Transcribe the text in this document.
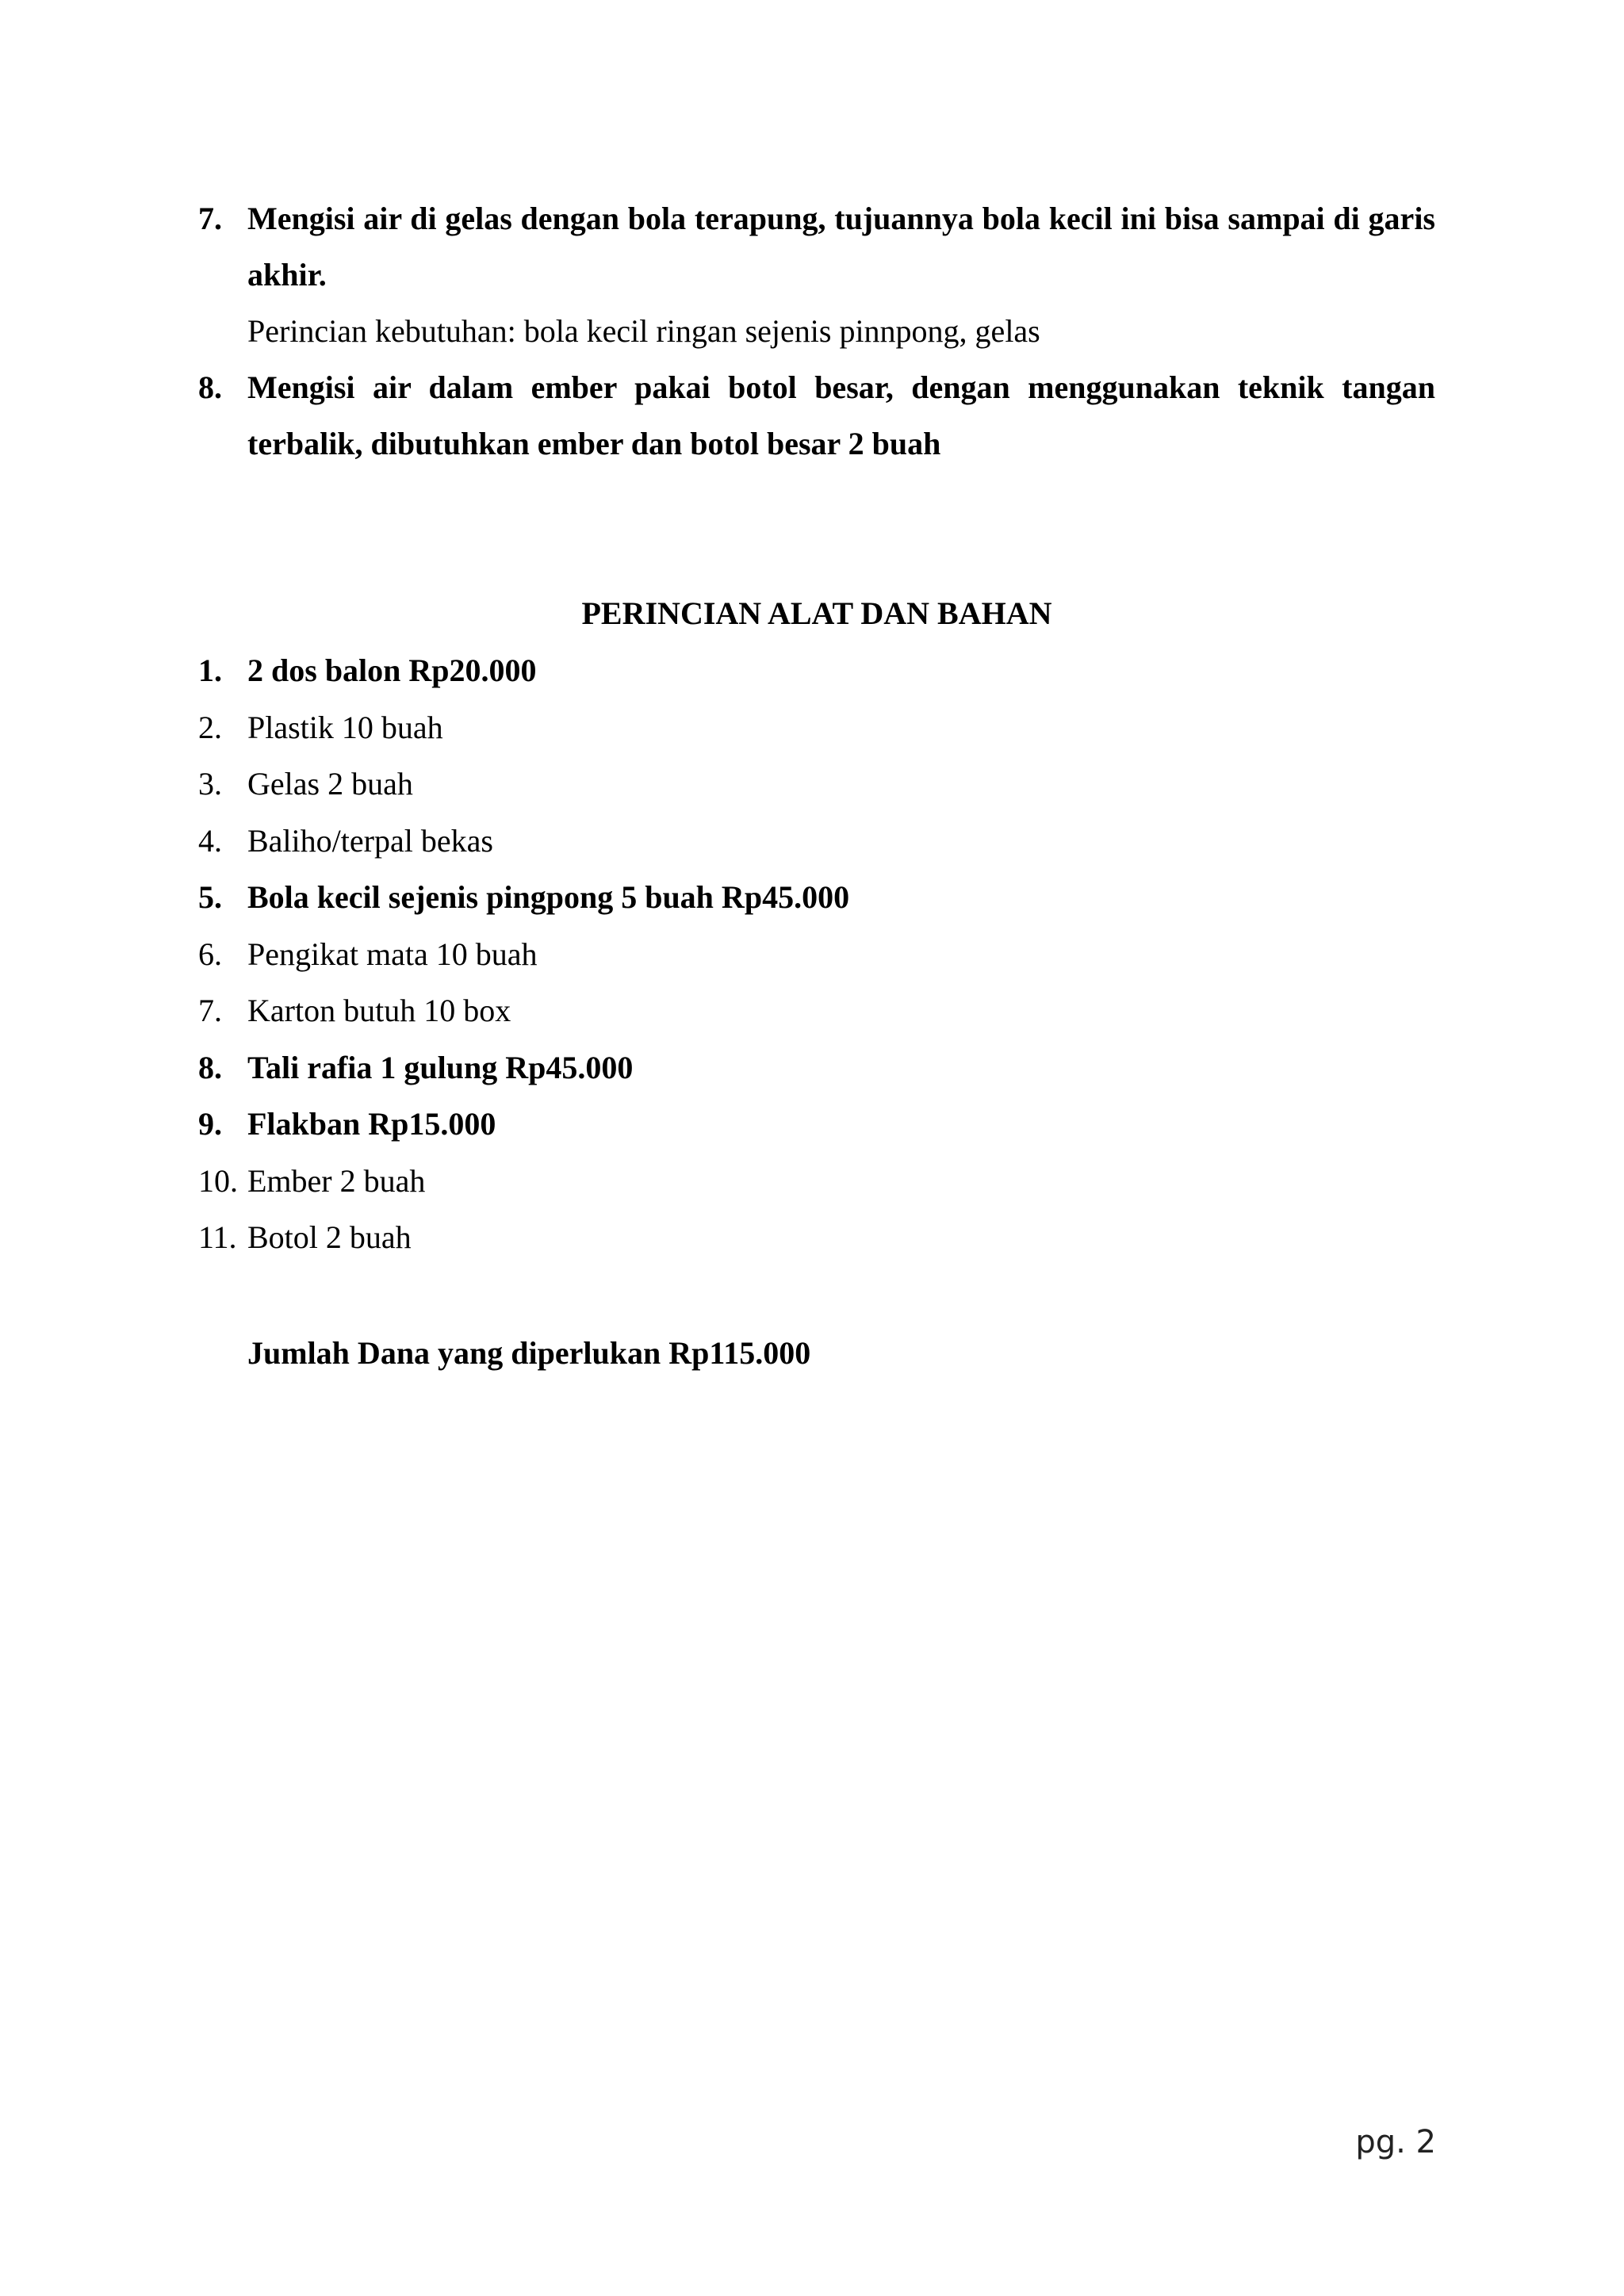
7. Mengisi air di gelas dengan bola terapung, tujuannya bola kecil ini bisa sampai di garis akhir.
Perincian kebutuhan: bola kecil ringan sejenis pinnpong, gelas
8. Mengisi air dalam ember pakai botol besar, dengan menggunakan teknik tangan terbalik, dibutuhkan ember dan botol besar 2 buah
PERINCIAN ALAT DAN BAHAN
1. 2 dos balon Rp20.000
2. Plastik 10 buah
3. Gelas 2 buah
4. Baliho/terpal bekas
5. Bola kecil sejenis pingpong 5 buah Rp45.000
6. Pengikat mata 10 buah
7. Karton butuh 10 box
8. Tali rafia 1 gulung Rp45.000
9. Flakban Rp15.000
10. Ember 2 buah
11. Botol 2 buah
Jumlah Dana yang diperlukan Rp115.000
pg. 2
